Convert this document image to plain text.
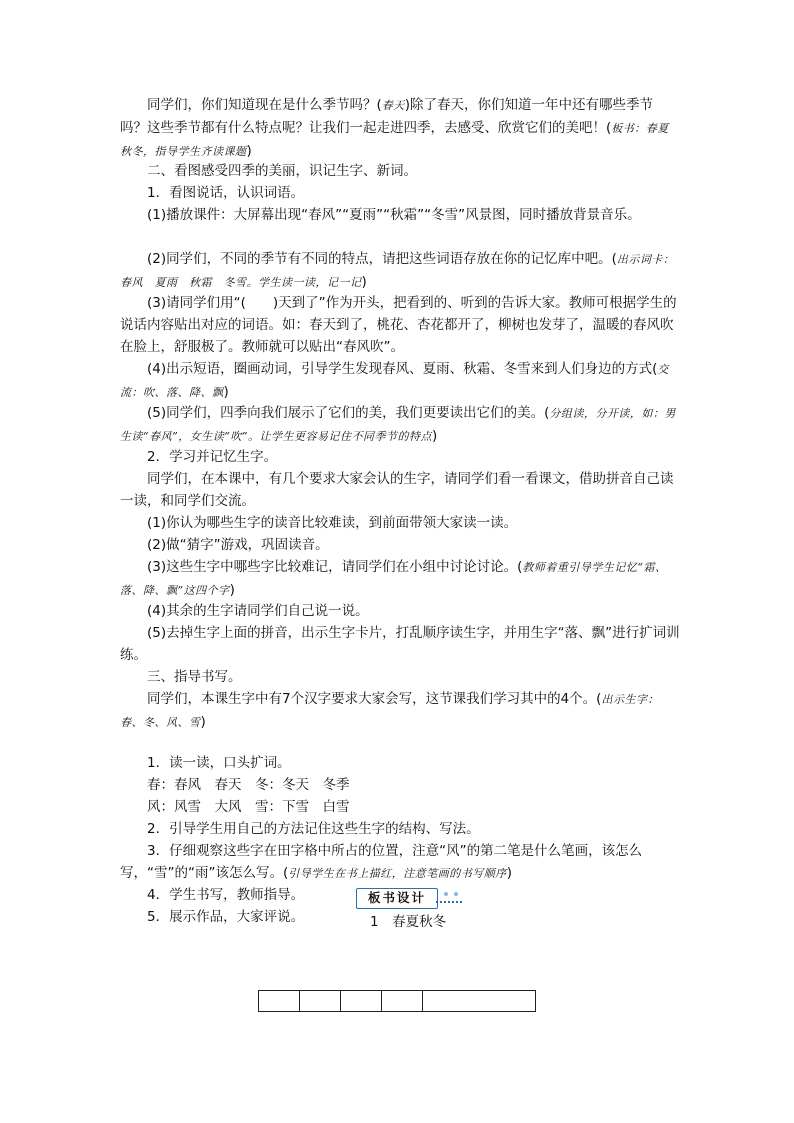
同学们，你们知道现在是什么季节吗？(春天)除了春天，你们知道一年中还有哪些季节吗？这些季节都有什么特点呢？让我们一起走进四季，去感受、欣赏它们的美吧！(板书：春夏秋冬，指导学生齐读课题)

二、看图感受四季的美丽，识记生字、新词。

1．看图说话，认识词语。

(1)播放课件：大屏幕出现“春风”“夏雨”“秋霜”“冬雪”风景图，同时播放背景音乐。

(2)同学们，不同的季节有不同的特点，请把这些词语存放在你的记忆库中吧。(出示词卡：春风　夏雨　秋霜　冬雪。学生读一读，记一记)

(3)请同学们用“(　　)天到了”作为开头，把看到的、听到的告诉大家。教师可根据学生的说话内容贴出对应的词语。如：春天到了，桃花、杏花都开了，柳树也发芽了，温暖的春风吹在脸上，舒服极了。教师就可以贴出“春风吹”。

(4)出示短语，圈画动词，引导学生发现春风、夏雨、秋霜、冬雪来到人们身边的方式(交流：吹、落、降、飘)

(5)同学们，四季向我们展示了它们的美，我们更要读出它们的美。(分组读，分开读，如：男生读“春风”，女生读“吹”。让学生更容易记住不同季节的特点)

2．学习并记忆生字。

同学们，在本课中，有几个要求大家会认的生字，请同学们看一看课文，借助拼音自己读一读，和同学们交流。

(1)你认为哪些生字的读音比较难读，到前面带领大家读一读。

(2)做“猜字”游戏，巩固读音。

(3)这些生字中哪些字比较难记，请同学们在小组中讨论讨论。(教师着重引导学生记忆“霜、落、降、飘”这四个字)

(4)其余的生字请同学们自己说一说。

(5)去掉生字上面的拼音，出示生字卡片，打乱顺序读生字，并用生字“落、飘”进行扩词训练。

三、指导书写。

同学们，本课生字中有7个汉字要求大家会写，这节课我们学习其中的4个。(出示生字：春、冬、风、雪)

1．读一读，口头扩词。

春：春风　春天　冬：冬天　冬季
风：风雪　大风　雪：下雪　白雪

2．引导学生用自己的方法记住这些生字的结构、写法。

3．仔细观察这些字在田字格中所占的位置，注意“风”的第二笔是什么笔画，该怎么写，“雪”的“雨”该怎么写。(引导学生在书上描红，注意笔画的书写顺序)

4．学生书写，教师指导。

5．展示作品，大家评说。

板书设计
1　春夏秋冬
